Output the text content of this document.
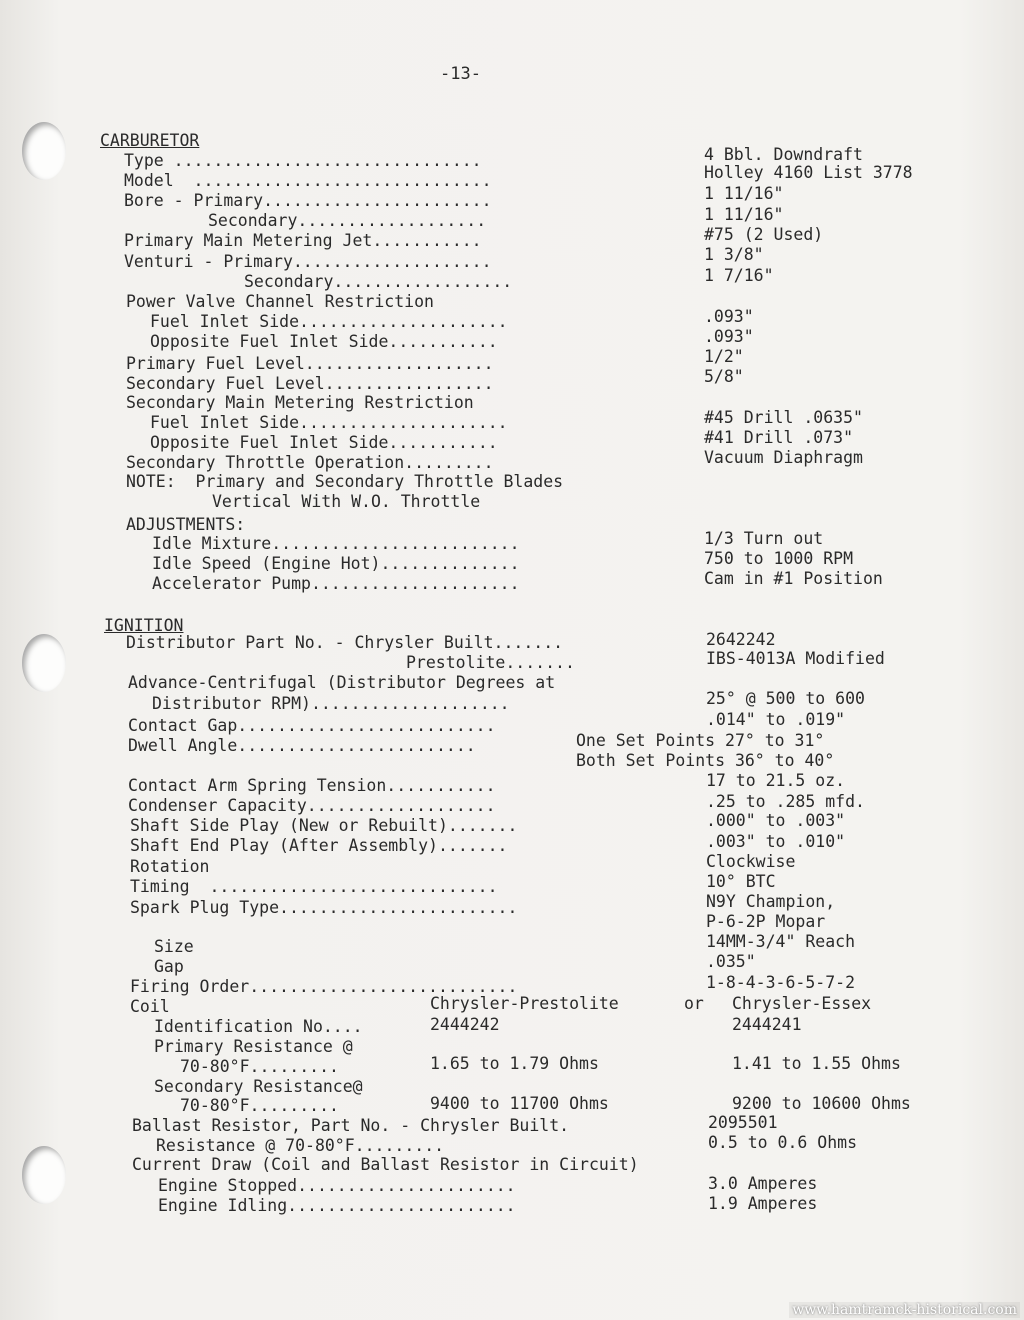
-13-
CARBURETOR
Type ...............................	4 Bbl. Downdraft
Model  ..............................	Holley 4160 List 3778
Bore - Primary.......................	1 11/16"
Secondary...................	1 11/16"
Primary Main Metering Jet...........	#75 (2 Used)
Venturi - Primary....................	1 3/8"
Secondary..................	1 7/16"
Power Valve Channel Restriction
Fuel Inlet Side.....................	.093"
Opposite Fuel Inlet Side...........	.093"
Primary Fuel Level...................	1/2"
Secondary Fuel Level.................	5/8"
Secondary Main Metering Restriction
Fuel Inlet Side.....................	#45 Drill .0635"
Opposite Fuel Inlet Side...........	#41 Drill .073"
Secondary Throttle Operation.........	Vacuum Diaphragm
NOTE:  Primary and Secondary Throttle Blades
Vertical With W.O. Throttle
ADJUSTMENTS:
Idle Mixture.........................	1/3 Turn out
Idle Speed (Engine Hot)..............	750 to 1000 RPM
Accelerator Pump.....................	Cam in #1 Position
IGNITION
Distributor Part No. - Chrysler Built.......	2642242
Prestolite.......	IBS-4013A Modified
Advance-Centrifugal (Distributor Degrees at
Distributor RPM)....................	25° @ 500 to 600
Contact Gap..........................	.014" to .019"
Dwell Angle........................	One Set Points 27° to 31°
Both Set Points 36° to 40°
Contact Arm Spring Tension...........	17 to 21.5 oz.
Condenser Capacity...................	.25 to .285 mfd.
Shaft Side Play (New or Rebuilt).......	.000" to .003"
Shaft End Play (After Assembly).......	.003" to .010"
Rotation	Clockwise
Timing  .............................	10° BTC
Spark Plug Type........................	N9Y Champion,
P-6-2P Mopar
Size	14MM-3/4" Reach
Gap	.035"
Firing Order...........................	1-8-4-3-6-5-7-2
Coil	Chrysler-Prestolite	or Chrysler-Essex
Identification No....	2444242	2444241
Primary Resistance @
70-80°F.........	1.65 to 1.79 Ohms	1.41 to 1.55 Ohms
Secondary Resistance@
70-80°F.........	9400 to 11700 Ohms	9200 to 10600 Ohms
Ballast Resistor, Part No. - Chrysler Built.	2095501
Resistance @ 70-80°F.........	0.5 to 0.6 Ohms
Current Draw (Coil and Ballast Resistor in Circuit)
Engine Stopped......................	3.0 Amperes
Engine Idling.......................	1.9 Amperes
www.hamtramck-historical.com
